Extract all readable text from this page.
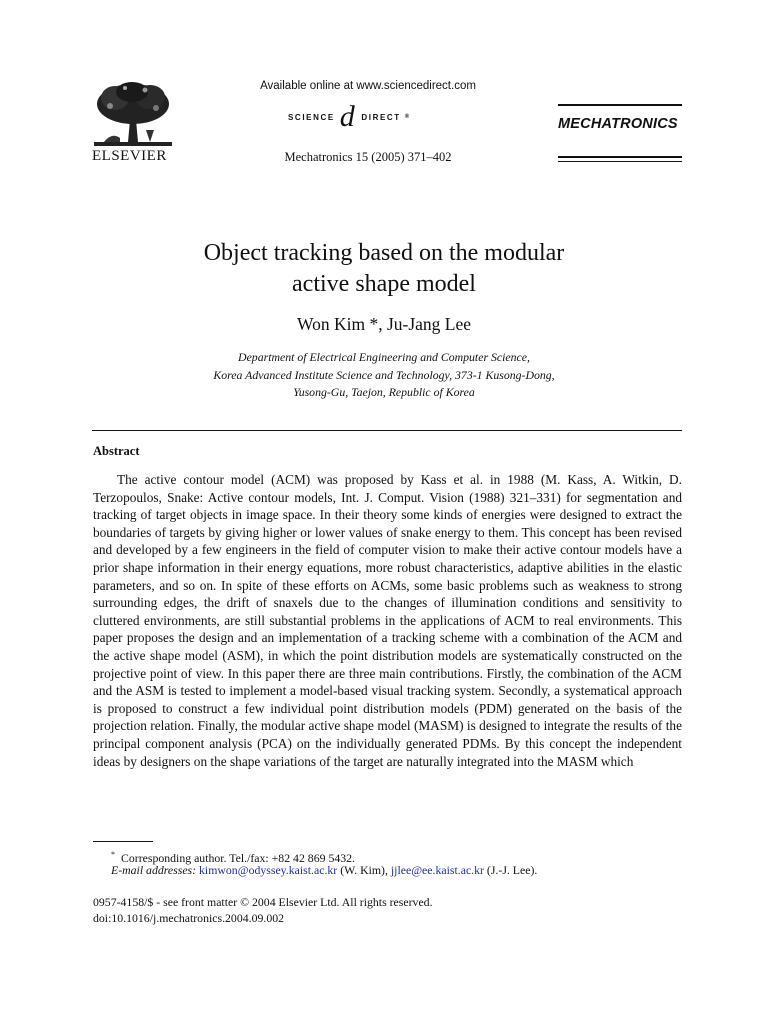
ELSEVIER
Available online at www.sciencedirect.com
SCIENCE d DIRECT ®
Mechatronics 15 (2005) 371–402
MECHATRONICS
Object tracking based on the modular
active shape model
Won Kim *, Ju-Jang Lee
Department of Electrical Engineering and Computer Science,
Korea Advanced Institute Science and Technology, 373-1 Kusong-Dong,
Yusong-Gu, Taejon, Republic of Korea
Abstract
The active contour model (ACM) was proposed by Kass et al. in 1988 (M. Kass, A. Witkin, D. Terzopoulos, Snake: Active contour models, Int. J. Comput. Vision (1988) 321–331) for segmentation and tracking of target objects in image space. In their theory some kinds of energies were designed to extract the boundaries of targets by giving higher or lower values of snake energy to them. This concept has been revised and developed by a few engineers in the field of computer vision to make their active contour models have a prior shape information in their energy equations, more robust characteristics, adaptive abilities in the elastic parameters, and so on. In spite of these efforts on ACMs, some basic problems such as weakness to strong surrounding edges, the drift of snaxels due to the changes of illumination conditions and sensitivity to cluttered environments, are still substantial problems in the applications of ACM to real environments. This paper proposes the design and an implementation of a tracking scheme with a combination of the ACM and the active shape model (ASM), in which the point distribution models are systematically constructed on the projective point of view. In this paper there are three main contributions. Firstly, the combination of the ACM and the ASM is tested to implement a model-based visual tracking system. Secondly, a systematical approach is proposed to construct a few individual point distribution models (PDM) generated on the basis of the projection relation. Finally, the modular active shape model (MASM) is designed to integrate the results of the principal component analysis (PCA) on the individually generated PDMs. By this concept the independent ideas by designers on the shape variations of the target are naturally integrated into the MASM which
* Corresponding author. Tel./fax: +82 42 869 5432.
E-mail addresses: kimwon@odyssey.kaist.ac.kr (W. Kim), jjlee@ee.kaist.ac.kr (J.-J. Lee).
0957-4158/$ - see front matter © 2004 Elsevier Ltd. All rights reserved.
doi:10.1016/j.mechatronics.2004.09.002
